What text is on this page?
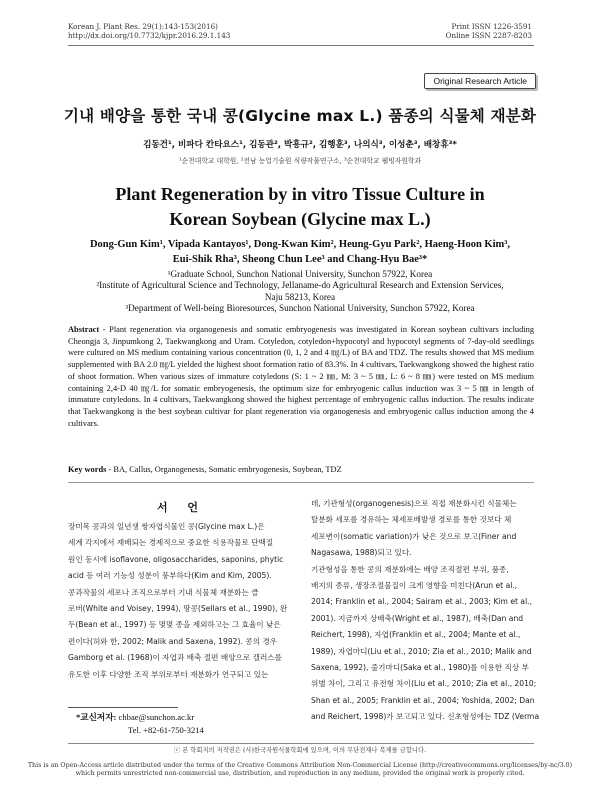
Korean J. Plant Res. 29(1):143-153(2016)
http://dx.doi.org/10.7732/kjpr.2016.29.1.143
Print ISSN 1226-3591
Online ISSN 2287-8203
Original Research Article
기내 배양을 통한 국내 콩(Glycine max L.) 품종의 식물체 재분화
김동건¹, 비파다 칸타요스¹, 김동관², 박흥규², 김행훈³, 나의식³, 이성춘³, 배창휴³*
¹순천대학교 대학원, ²전남 농업기술원 식량작물연구소, ³순천대학교 웰빙자원학과
Plant Regeneration by in vitro Tissue Culture in
Korean Soybean (Glycine max L.)
Dong-Gun Kim¹, Vipada Kantayos¹, Dong-Kwan Kim², Heung-Gyu Park², Haeng-Hoon Kim³,
Eui-Shik Rha³, Sheong Chun Lee³ and Chang-Hyu Bae³*
¹Graduate School, Sunchon National University, Sunchon 57922, Korea
²Institute of Agricultural Science and Technology, Jellaname-do Agricultural Research and Extension Services,
Naju 58213, Korea
³Department of Well-being Bioresources, Sunchon National University, Sunchon 57922, Korea
Abstract - Plant regeneration via organogenesis and somatic embryogenesis was investigated in Korean soybean cultivars including Cheongja 3, Jinpumkong 2, Taekwangkong and Uram. Cotyledon, cotyledon+hypocotyl and hypocotyl segments of 7-day-old seedlings were cultured on MS medium containing various concentration (0, 1, 2 and 4 ㎎/L) of BA and TDZ. The results showed that MS medium supplemented with BA 2.0 ㎎/L yielded the highest shoot formation ratio of 83.3%. In 4 cultivars, Taekwangkong showed the highest ratio of shoot formation. When various sizes of immature cotyledons (S: 1 ~ 2 ㎜, M: 3 ~ 5 ㎜, L: 6 ~ 8 ㎜) were tested on MS medium containing 2,4-D 40 ㎎/L for somatic embryogenesis, the optimum size for embryogenic callus induction was 3 ~ 5 ㎜ in length of immature cotyledons. In 4 cultivars, Taekwangkong showed the highest percentage of embryogenic callus induction. The results indicate that Taekwangkong is the best soybean cultivar for plant regeneration via organogenesis and embryogenic callus induction among the 4 cultivars.
Key words - BA, Callus, Organogenesis, Somatic embryogenesis, Soybean, TDZ
서 언
장미목 콩과의 일년생 쌍자엽식물인 콩(Glycine max L.)은
세계 각지에서 재배되는 경제적으로 중요한 식용작물로 단백질
원인 동시에 isoflavone, oligosaccharides, saponins, phytic
acid 등 여러 기능성 성분이 풍부하다(Kim and Kim, 2005).
콩과작물의 세포나 조직으로부터 기내 식물체 재분화는 클
로버(White and Voisey, 1994), 땅콩(Sellars et al., 1990), 완
두(Bean et al., 1997) 등 몇몇 종을 제외하고는 그 효율이 낮은
편이다(허와 한, 2002; Malik and Saxena, 1992). 콩의 경우
Gamborg et al. (1968)이 자엽과 배축 절편 배양으로 캘러스를
유도한 이후 다양한 조직 부위로부터 재분화가 연구되고 있는
데, 기관형성(organogenesis)으로 직접 재분화시킨 식물체는
탈분화 세포를 경유하는 체세포배발생 경로를 통한 것보다 체
세포변이(somatic variation)가 낮은 것으로 보고(Finer and
Nagasawa, 1988)되고 있다.
기관형성을 통한 콩의 재분화에는 배양 조직절편 부위, 품종,
배지의 종류, 생장조절물질이 크게 영향을 미친다(Arun et al.,
2014; Franklin et al., 2004; Sairam et al., 2003; Kim et al.,
2001). 지금까지 상배축(Wright et al., 1987), 배축(Dan and
Reichert, 1998), 자엽(Franklin et al., 2004; Mante et al.,
1989), 자엽마디(Liu et al., 2010; Zia et al., 2010; Malik and
Saxena, 1992), 줄기마디(Saka et al., 1980)를 이용한 직상 부
위별 차이, 그리고 유전형 차이(Liu et al., 2010; Zia et al., 2010;
Shan et al., 2005; Franklin et al., 2004; Yoshida, 2002; Dan
and Reichert, 1998)가 보고되고 있다. 신초형성에는 TDZ (Verma
*교신저자: chbae@sunchon.ac.kr
Tel. +82-61-750-3214
ⓒ 본 학회지의 저작권은 (사)한국자원식물학회에 있으며, 이의 무단전재나 복제를 금합니다.
This is an Open-Access article distributed under the terms of the Creative Commons Attribution Non-Commercial License (http://creativecommons.org/licenses/by-nc/3.0)
which permits unrestricted non-commercial use, distribution, and reproduction in any medium, provided the original work is properly cited.
